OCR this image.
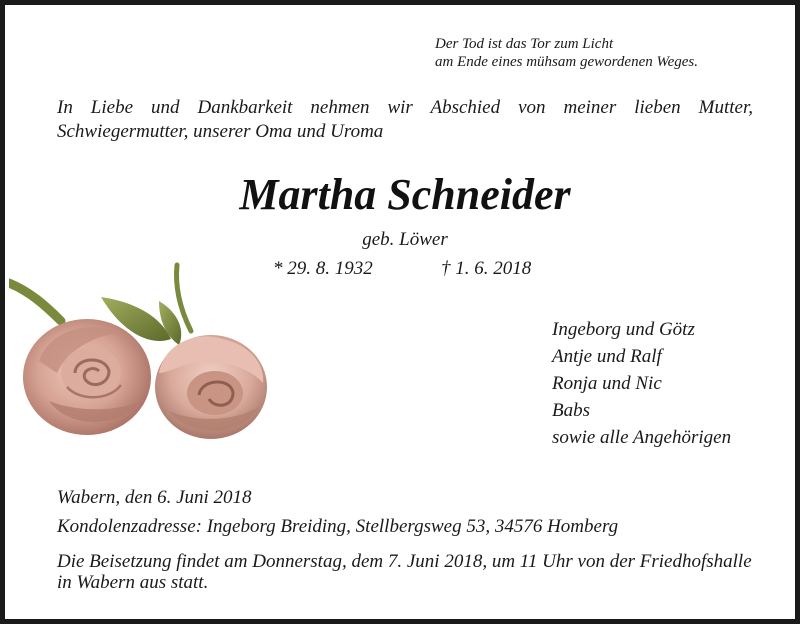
Der Tod ist das Tor zum Licht
am Ende eines mühsam gewordenen Weges.
In Liebe und Dankbarkeit nehmen wir Abschied von meiner lieben Mutter, Schwiegermutter, unserer Oma und Uroma
Martha Schneider
geb. Löwer
* 29. 8. 1932	† 1. 6. 2018
Ingeborg und Götz
Antje und Ralf
Ronja und Nic
Babs
sowie alle Angehörigen
Wabern, den 6. Juni 2018
Kondolenzadresse: Ingeborg Breiding, Stellbergsweg 53, 34576 Homberg
Die Beisetzung findet am Donnerstag, dem 7. Juni 2018, um 11 Uhr von der Friedhofshalle in Wabern aus statt.
